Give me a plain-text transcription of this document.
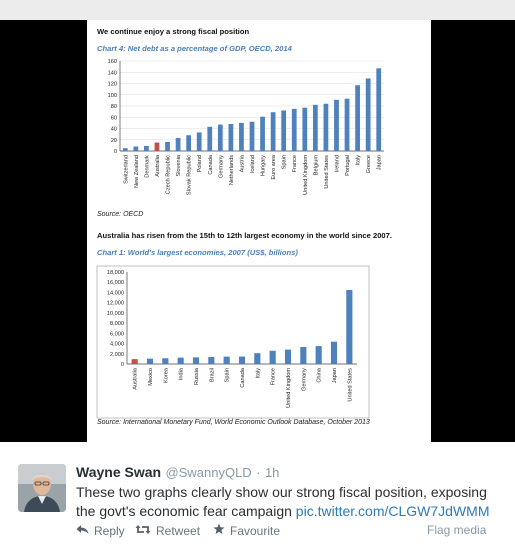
We continue enjoy a strong fiscal position
Chart 4: Net debt as a percentage of GDP, OECD, 2014
0
20
40
60
80
100
120
140
160
Switzerland New Zealand Denmark Australia Czech Republic Slovenia Slovak Republic Poland Canada Germany Netherlands Austria Iceland Hungary Euro area Spain France United Kingdom Belgium United States Ireland Portugal Italy Greece Japan
Source: OECD
Australia has risen from the 15th to 12th largest economy in the world since 2007.
Chart 1: World's largest economies, 2007 (US$, billions)
0
2,000
4,000
6,000
8,000
10,000
12,000
14,000
16,000
18,000
Australia Mexico Korea India Russia Brazil Spain Canada Italy France United Kingdom Germany China Japan United States
Source: International Monetary Fund, World Economic Outlook Database, October 2013
Wayne Swan @SwannyQLD · 1h
These two graphs clearly show our strong fiscal position, exposing the govt's economic fear campaign pic.twitter.com/CLGW7JdWMM
Reply	Retweet Favourite	Flag media
